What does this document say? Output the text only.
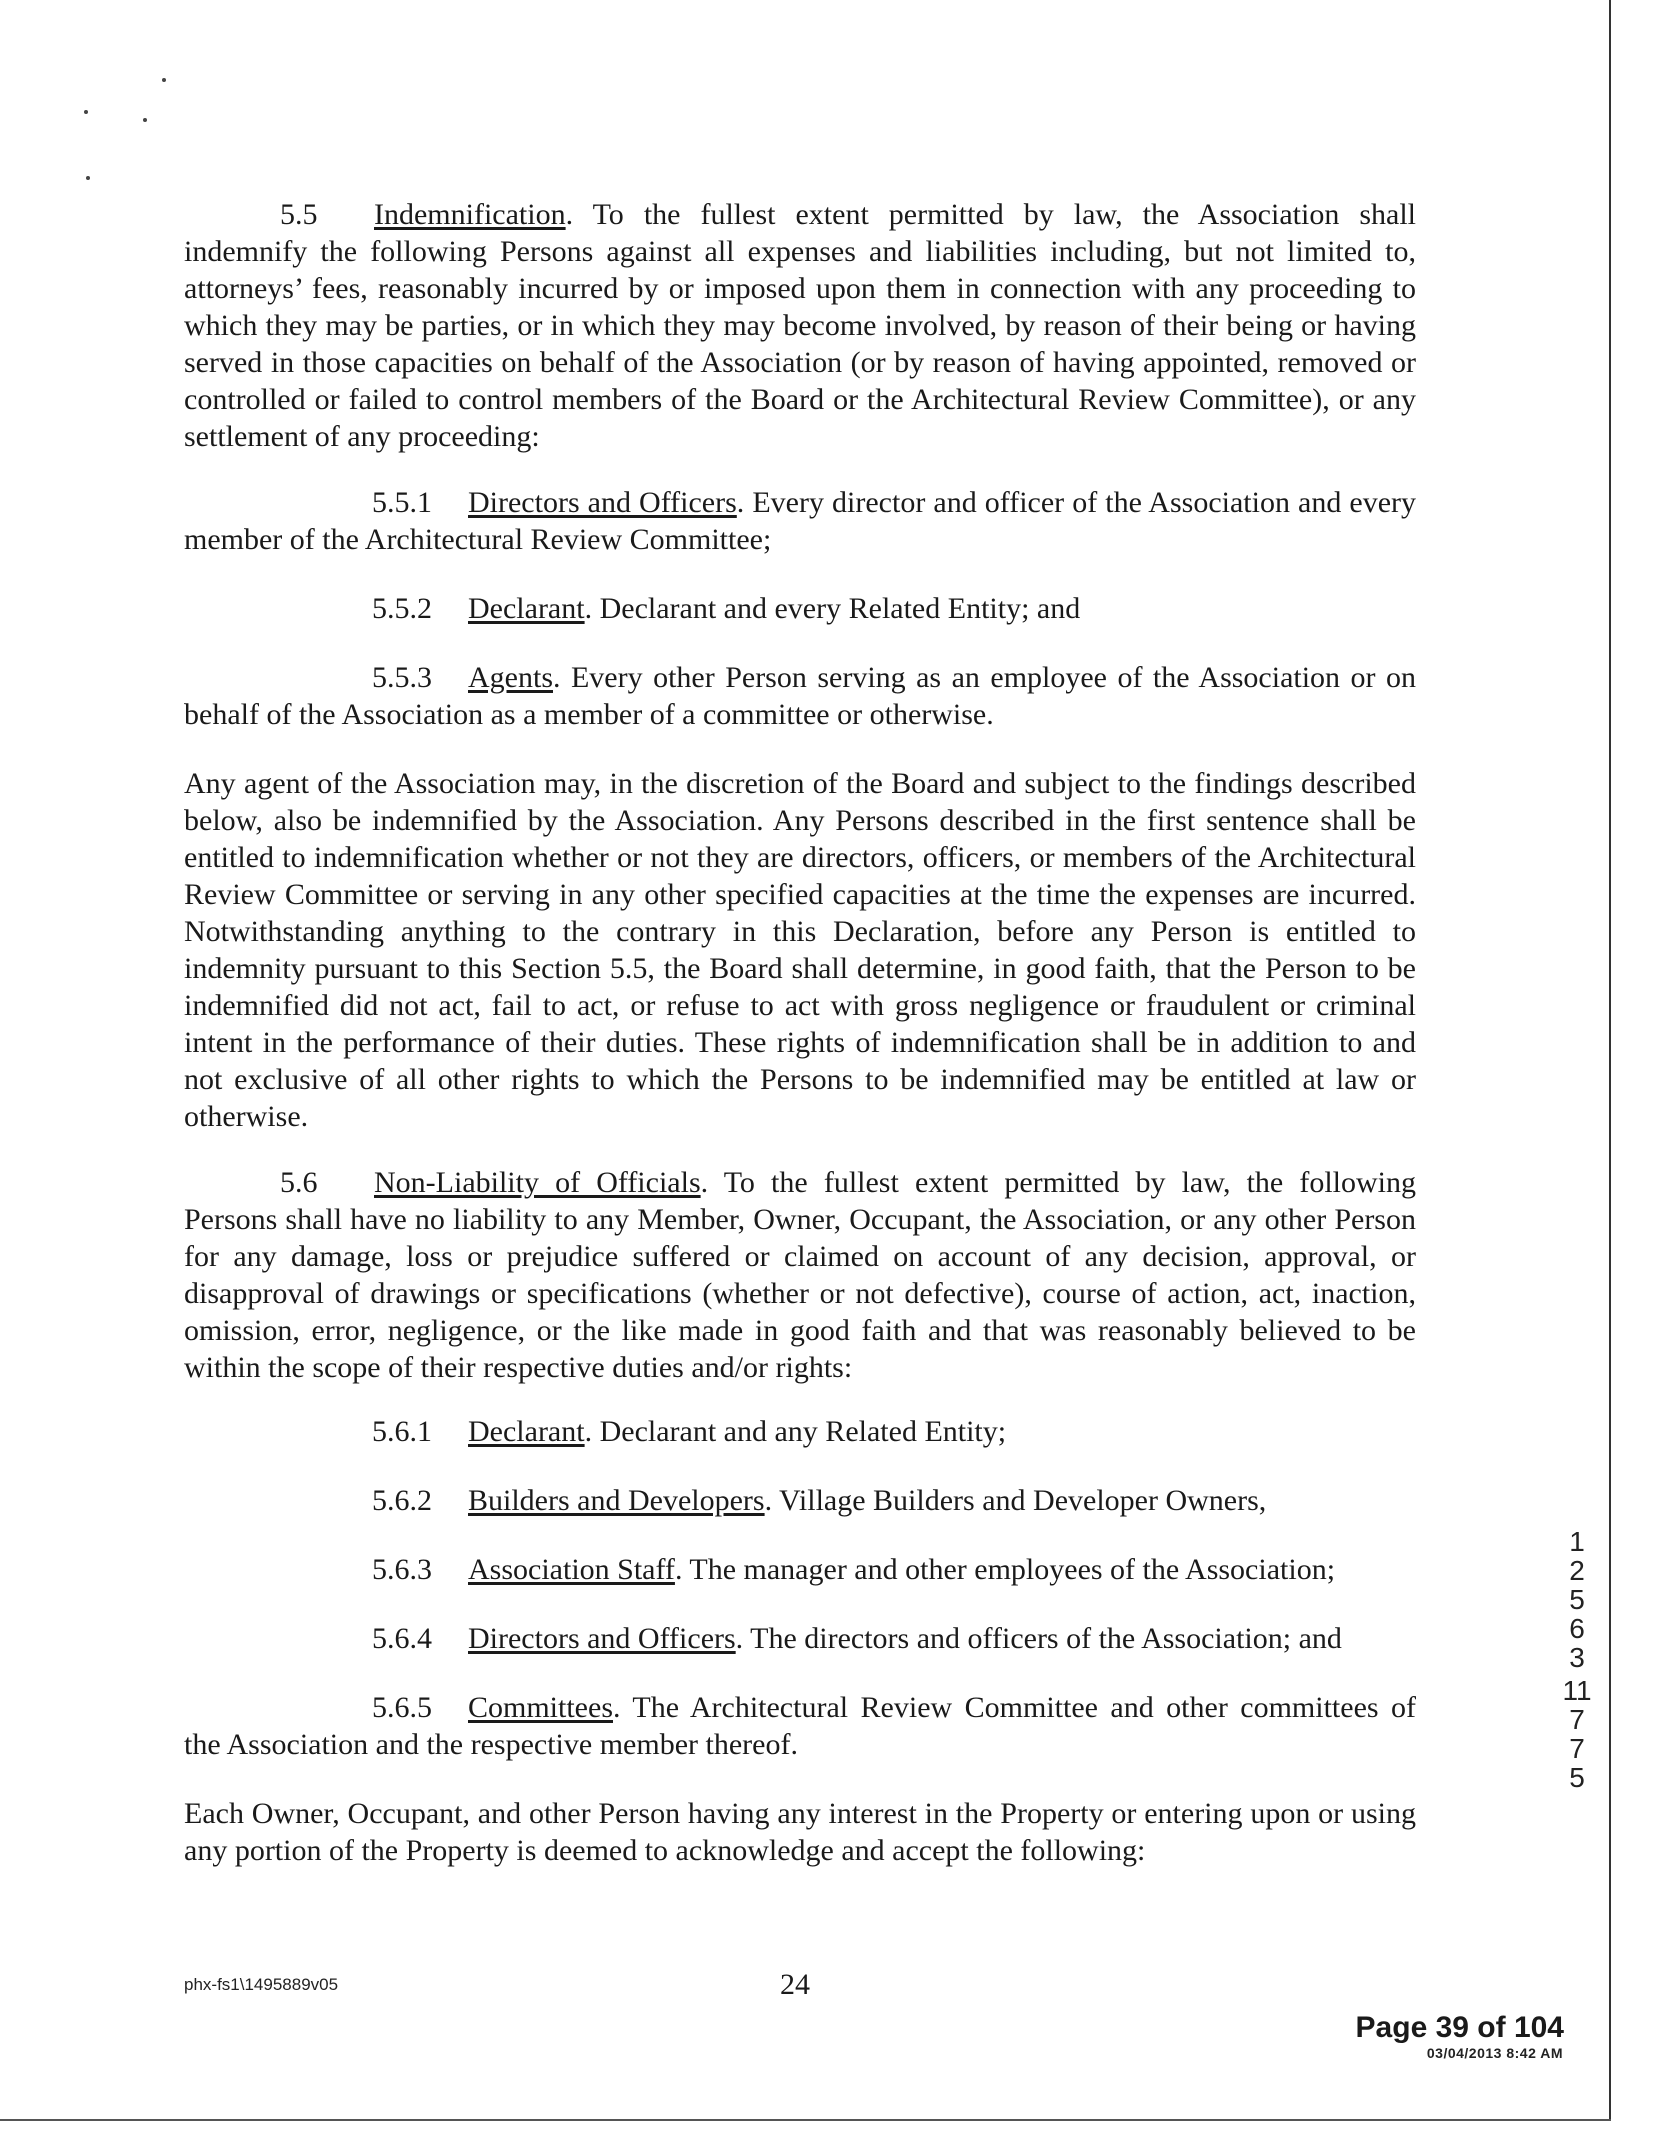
5.5 Indemnification. To the fullest extent permitted by law, the Association shall indemnify the following Persons against all expenses and liabilities including, but not limited to, attorneys’ fees, reasonably incurred by or imposed upon them in connection with any proceeding to which they may be parties, or in which they may become involved, by reason of their being or having served in those capacities on behalf of the Association (or by reason of having appointed, removed or controlled or failed to control members of the Board or the Architectural Review Committee), or any settlement of any proceeding:

5.5.1 Directors and Officers. Every director and officer of the Association and every member of the Architectural Review Committee;

5.5.2 Declarant. Declarant and every Related Entity; and

5.5.3 Agents. Every other Person serving as an employee of the Association or on behalf of the Association as a member of a committee or otherwise.

Any agent of the Association may, in the discretion of the Board and subject to the findings described below, also be indemnified by the Association. Any Persons described in the first sentence shall be entitled to indemnification whether or not they are directors, officers, or members of the Architectural Review Committee or serving in any other specified capacities at the time the expenses are incurred. Notwithstanding anything to the contrary in this Declaration, before any Person is entitled to indemnity pursuant to this Section 5.5, the Board shall determine, in good faith, that the Person to be indemnified did not act, fail to act, or refuse to act with gross negligence or fraudulent or criminal intent in the performance of their duties. These rights of indemnification shall be in addition to and not exclusive of all other rights to which the Persons to be indemnified may be entitled at law or otherwise.

5.6 Non-Liability of Officials. To the fullest extent permitted by law, the following Persons shall have no liability to any Member, Owner, Occupant, the Association, or any other Person for any damage, loss or prejudice suffered or claimed on account of any decision, approval, or disapproval of drawings or specifications (whether or not defective), course of action, act, inaction, omission, error, negligence, or the like made in good faith and that was reasonably believed to be within the scope of their respective duties and/or rights:

5.6.1 Declarant. Declarant and any Related Entity;

5.6.2 Builders and Developers. Village Builders and Developer Owners,

5.6.3 Association Staff. The manager and other employees of the Association;

5.6.4 Directors and Officers. The directors and officers of the Association; and

5.6.5 Committees. The Architectural Review Committee and other committees of the Association and the respective member thereof.

Each Owner, Occupant, and other Person having any interest in the Property or entering upon or using any portion of the Property is deemed to acknowledge and accept the following:

12563
11775
phx-fs1\1495889v05	24
Page 39 of 104
03/04/2013 8:42 AM
